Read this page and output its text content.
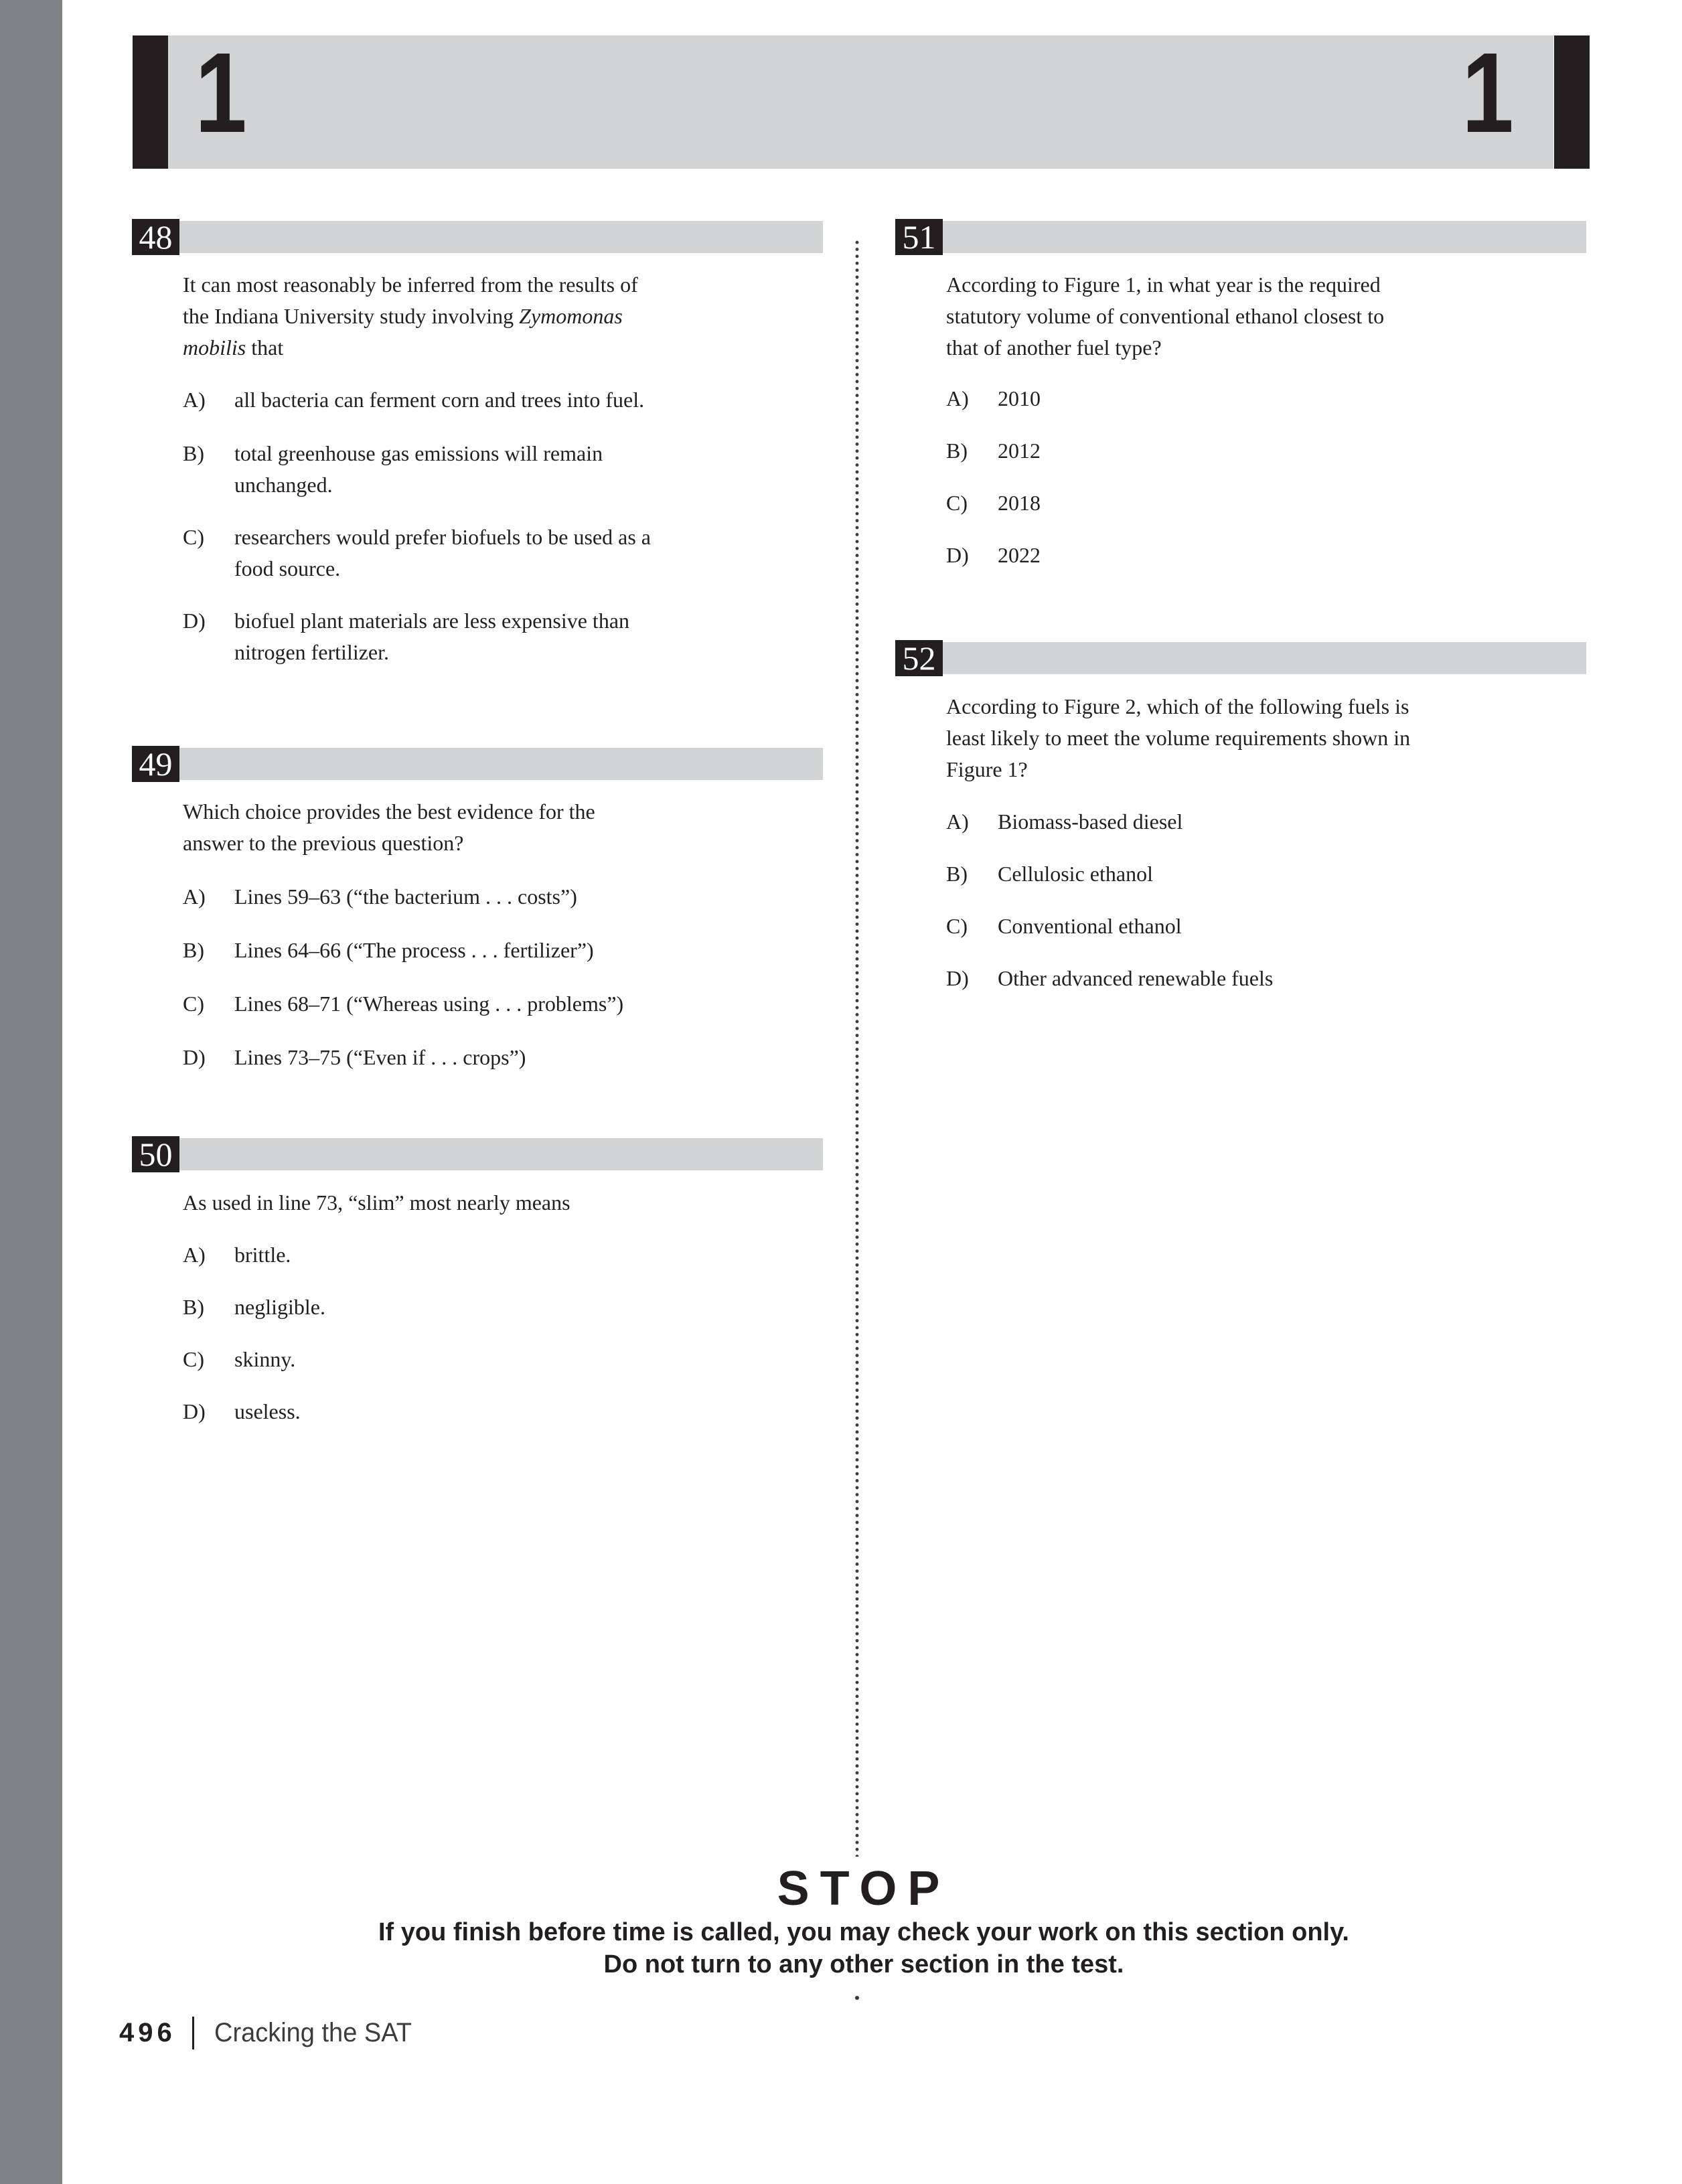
1	1
48
It can most reasonably be inferred from the results of
the Indiana University study involving Zymomonas
mobilis that
A)	all bacteria can ferment corn and trees into fuel.
B)	total greenhouse gas emissions will remain
unchanged.
C)	researchers would prefer biofuels to be used as a
food source.
D)	biofuel plant materials are less expensive than
nitrogen fertilizer.
49
Which choice provides the best evidence for the
answer to the previous question?
A)	Lines 59–63 (“the bacterium . . . costs”)
B)	Lines 64–66 (“The process . . . fertilizer”)
C)	Lines 68–71 (“Whereas using . . . problems”)
D)	Lines 73–75 (“Even if . . . crops”)
50
As used in line 73, “slim” most nearly means
A)	brittle.
B)	negligible.
C)	skinny.
D)	useless.
51
According to Figure 1, in what year is the required
statutory volume of conventional ethanol closest to
that of another fuel type?
A)	2010
B)	2012
C)	2018
D)	2022
52
According to Figure 2, which of the following fuels is
least likely to meet the volume requirements shown in
Figure 1?
A)	Biomass-based diesel
B)	Cellulosic ethanol
C)	Conventional ethanol
D)	Other advanced renewable fuels
STOP
If you finish before time is called, you may check your work on this section only.
Do not turn to any other section in the test.
496 Cracking the SAT
